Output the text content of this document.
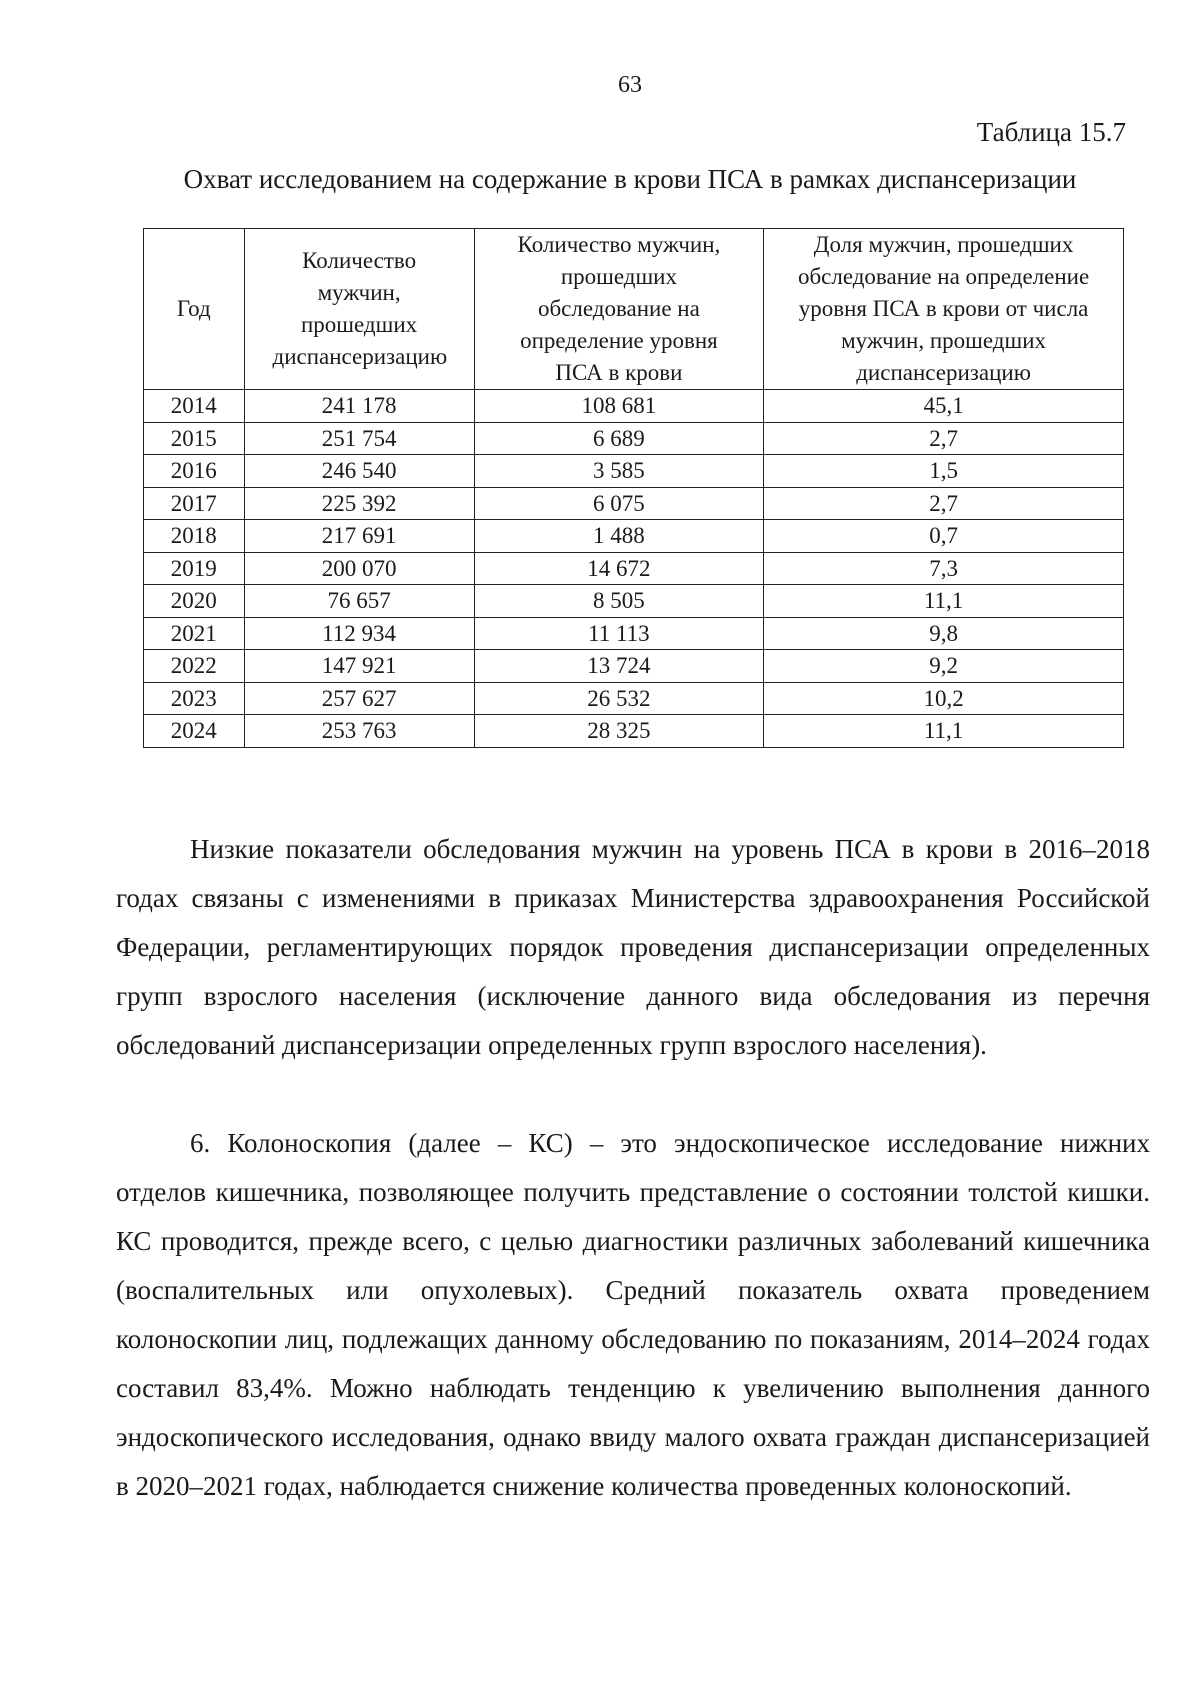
63
Таблица 15.7
Охват исследованием на содержание в крови ПСА в рамках диспансеризации
Год	Количество мужчин, прошедших диспансеризацию	Количество мужчин, прошедших обследование на определение уровня ПСА в крови	Доля мужчин, прошедших обследование на определение уровня ПСА в крови от числа мужчин, прошедших диспансеризацию
2014	241 178	108 681	45,1
2015	251 754	6 689	2,7
2016	246 540	3 585	1,5
2017	225 392	6 075	2,7
2018	217 691	1 488	0,7
2019	200 070	14 672	7,3
2020	76 657	8 505	11,1
2021	112 934	11 113	9,8
2022	147 921	13 724	9,2
2023	257 627	26 532	10,2
2024	253 763	28 325	11,1

Низкие показатели обследования мужчин на уровень ПСА в крови в 2016–2018 годах связаны с изменениями в приказах Министерства здравоохранения Российской Федерации, регламентирующих порядок проведения диспансеризации определенных групп взрослого населения (исключение данного вида обследования из перечня обследований диспансеризации определенных групп взрослого населения).

6. Колоноскопия (далее – КС) – это эндоскопическое исследование нижних отделов кишечника, позволяющее получить представление о состоянии толстой кишки. КС проводится, прежде всего, с целью диагностики различных заболеваний кишечника (воспалительных или опухолевых). Средний показатель охвата проведением колоноскопии лиц, подлежащих данному обследованию по показаниям, 2014–2024 годах составил 83,4%. Можно наблюдать тенденцию к увеличению выполнения данного эндоскопического исследования, однако ввиду малого охвата граждан диспансеризацией в 2020–2021 годах, наблюдается снижение количества проведенных колоноскопий.
